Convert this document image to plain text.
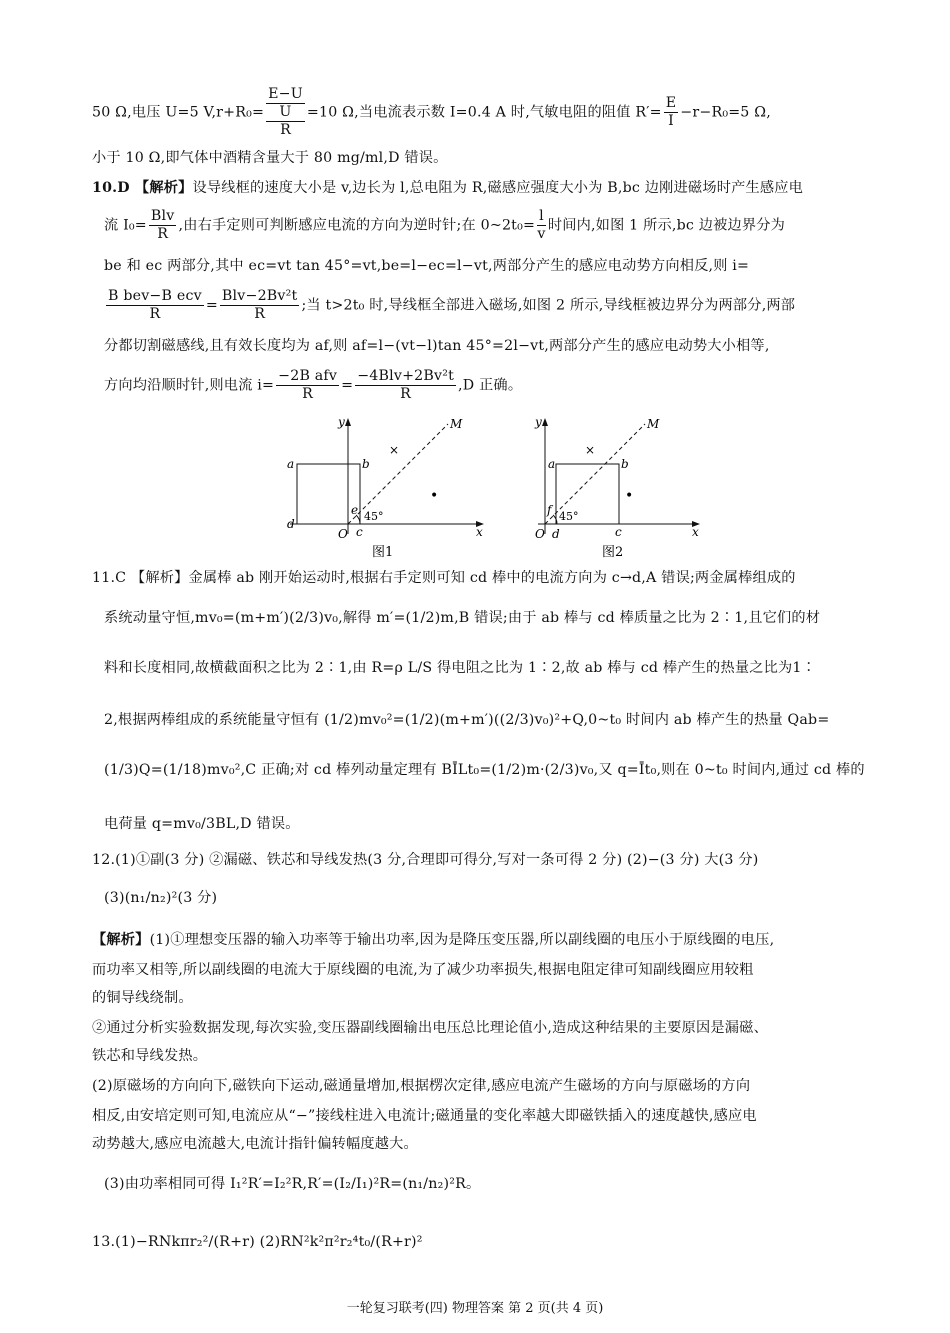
50 Ω,电压 U=5 V,r+R₀=
E−U
U
R
=10 Ω,当电流表示数 I=0.4 A 时,气敏电阻的阻值 $R'= \frac{E}{I} -r-R_0=5$ Ω,
小于 10 Ω,即气体中酒精含量大于 80 mg/ml,D 错误。
10.D 【解析】设导线框的速度大小是 v,边长为 l,总电阻为 R,磁感应强度大小为 B,bc 边刚进磁场时产生感应电
流 $I_0= \frac{\text{Blv}}{R}$ ,由右手定则可判断感应电流的方向为逆时针;在 0~2t₀= $\frac{l}{v}$ 时间内,如图 1 所示,bc 边被边界分为
be 和 ec 两部分,其中 ec=vt tan 45°=vt,be=l−ec=l−vt,两部分产生的感应电动势方向相反,则 i=
$\frac{\text{B bev−B ecv}}{R} = \frac{\text{Blv−2Bv²t}}{R}$ ;当 t>2t₀ 时,导线框全部进入磁场,如图 2 所示,导线框被边界分为两部分,两部
分都切割磁感线,且有效长度均为 af,则 af=l−(vt−l)tan 45°=2l−vt,两部分产生的感应电动势大小相等,
方向均沿顺时针,则电流 $i= \frac{\text{−2B afv}}{R} = \frac{\text{−4Blv+2Bv²t}}{R} ,D$ 正确。
y	M
×
•
a	b
d
e 45°
O c	x
图1
y	M
×
•
a	b
f 45°
O d	c	x
图2
11.C 【解析】金属棒 ab 刚开始运动时,根据右手定则可知 cd 棒中的电流方向为 c→d,A 错误;两金属棒组成的
系统动量守恒,mv₀=(m+m′)(2/3)v₀,解得 m′=(1/2)m,B 错误;由于 ab 棒与 cd 棒质量之比为 2∶1,且它们的材
料和长度相同,故横截面积之比为 2∶1,由 R=ρ L/S 得电阻之比为 1∶2,故 ab 棒与 cd 棒产生的热量之比为1∶
2,根据两棒组成的系统能量守恒有 (1/2)mv₀²=(1/2)(m+m′)((2/3)v₀)²+Q,0~t₀ 时间内 ab 棒产生的热量 Qab=
(1/3)Q=(1/18)mv₀²,C 正确;对 cd 棒列动量定理有 BĪLt₀=(1/2)m·(2/3)v₀,又 q=Īt₀,则在 0~t₀ 时间内,通过 cd 棒的
电荷量 q=mv₀/3BL,D 错误。
12.(1)①副(3 分) ②漏磁、铁芯和导线发热(3 分,合理即可得分,写对一条可得 2 分) (2)−(3 分) 大(3 分)
(3)(n₁/n₂)²(3 分)
【解析】(1)①理想变压器的输入功率等于输出功率,因为是降压变压器,所以副线圈的电压小于原线圈的电压,
而功率又相等,所以副线圈的电流大于原线圈的电流,为了减少功率损失,根据电阻定律可知副线圈应用较粗
的铜导线绕制。
②通过分析实验数据发现,每次实验,变压器副线圈输出电压总比理论值小,造成这种结果的主要原因是漏磁、
铁芯和导线发热。
(2)原磁场的方向向下,磁铁向下运动,磁通量增加,根据楞次定律,感应电流产生磁场的方向与原磁场的方向
相反,由安培定则可知,电流应从“−”接线柱进入电流计;磁通量的变化率越大即磁铁插入的速度越快,感应电
动势越大,感应电流越大,电流计指针偏转幅度越大。
(3)由功率相同可得 I₁²R′=I₂²R,R′=(I₂/I₁)²R=(n₁/n₂)²R。
13.(1)−RNkπr₂²/(R+r) (2)RN²k²π²r₂⁴t₀/(R+r)²
一轮复习联考(四) 物理答案 第 2 页(共 4 页)
